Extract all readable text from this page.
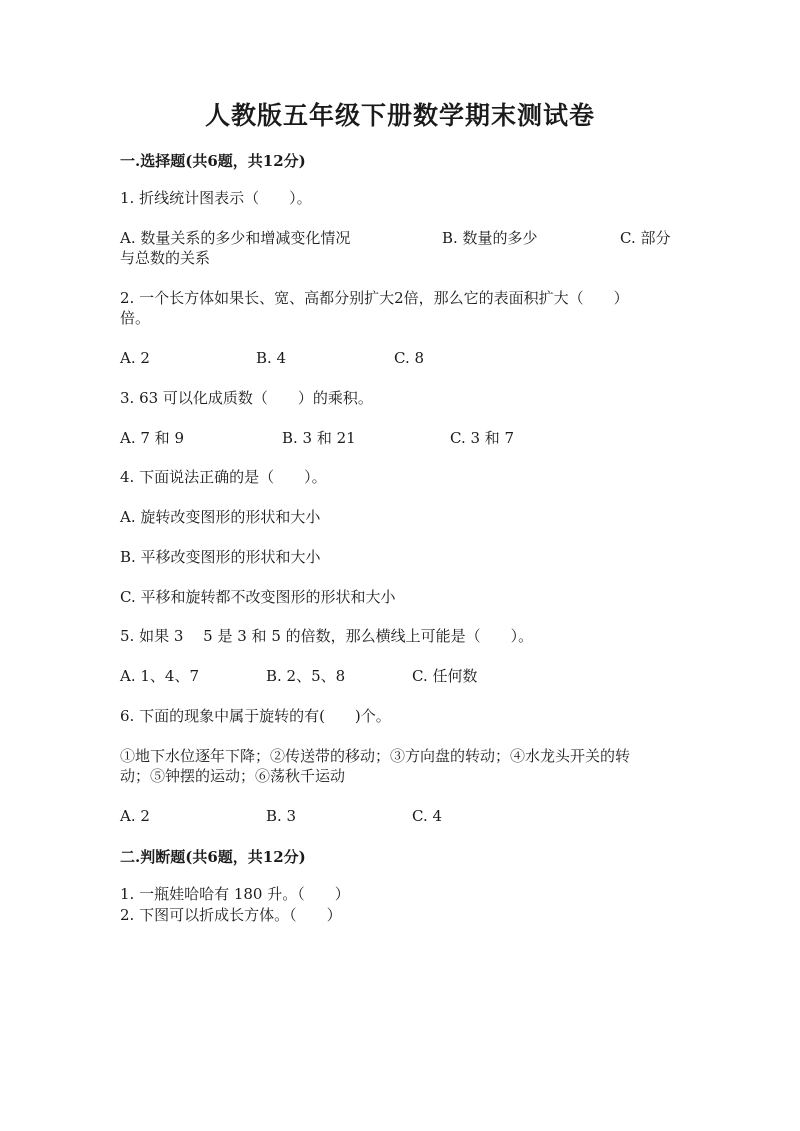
人教版五年级下册数学期末测试卷
一.选择题(共6题，共12分)
1. 折线统计图表示（　　）。
A. 数量关系的多少和增减变化情况	B. 数量的多少	C. 部分
与总数的关系
2. 一个长方体如果长、宽、高都分别扩大2倍，那么它的表面积扩大（　　）
倍。
A. 2	B. 4	C. 8
3. 63 可以化成质数（　　）的乘积。
A. 7 和 9	B. 3 和 21	C. 3 和 7
4. 下面说法正确的是（　　）。
A. 旋转改变图形的形状和大小
B. 平移改变图形的形状和大小
C. 平移和旋转都不改变图形的形状和大小
5. 如果 3　 5 是 3 和 5 的倍数，那么横线上可能是（　　）。
A. 1、4、7	B. 2、5、8	C. 任何数
6. 下面的现象中属于旋转的有(　　)个。
①地下水位逐年下降；②传送带的移动；③方向盘的转动；④水龙头开关的转
动；⑤钟摆的运动；⑥荡秋千运动
A. 2	B. 3	C. 4
二.判断题(共6题，共12分)
1. 一瓶娃哈哈有 180 升。（　　）
2. 下图可以折成长方体。（　　）
